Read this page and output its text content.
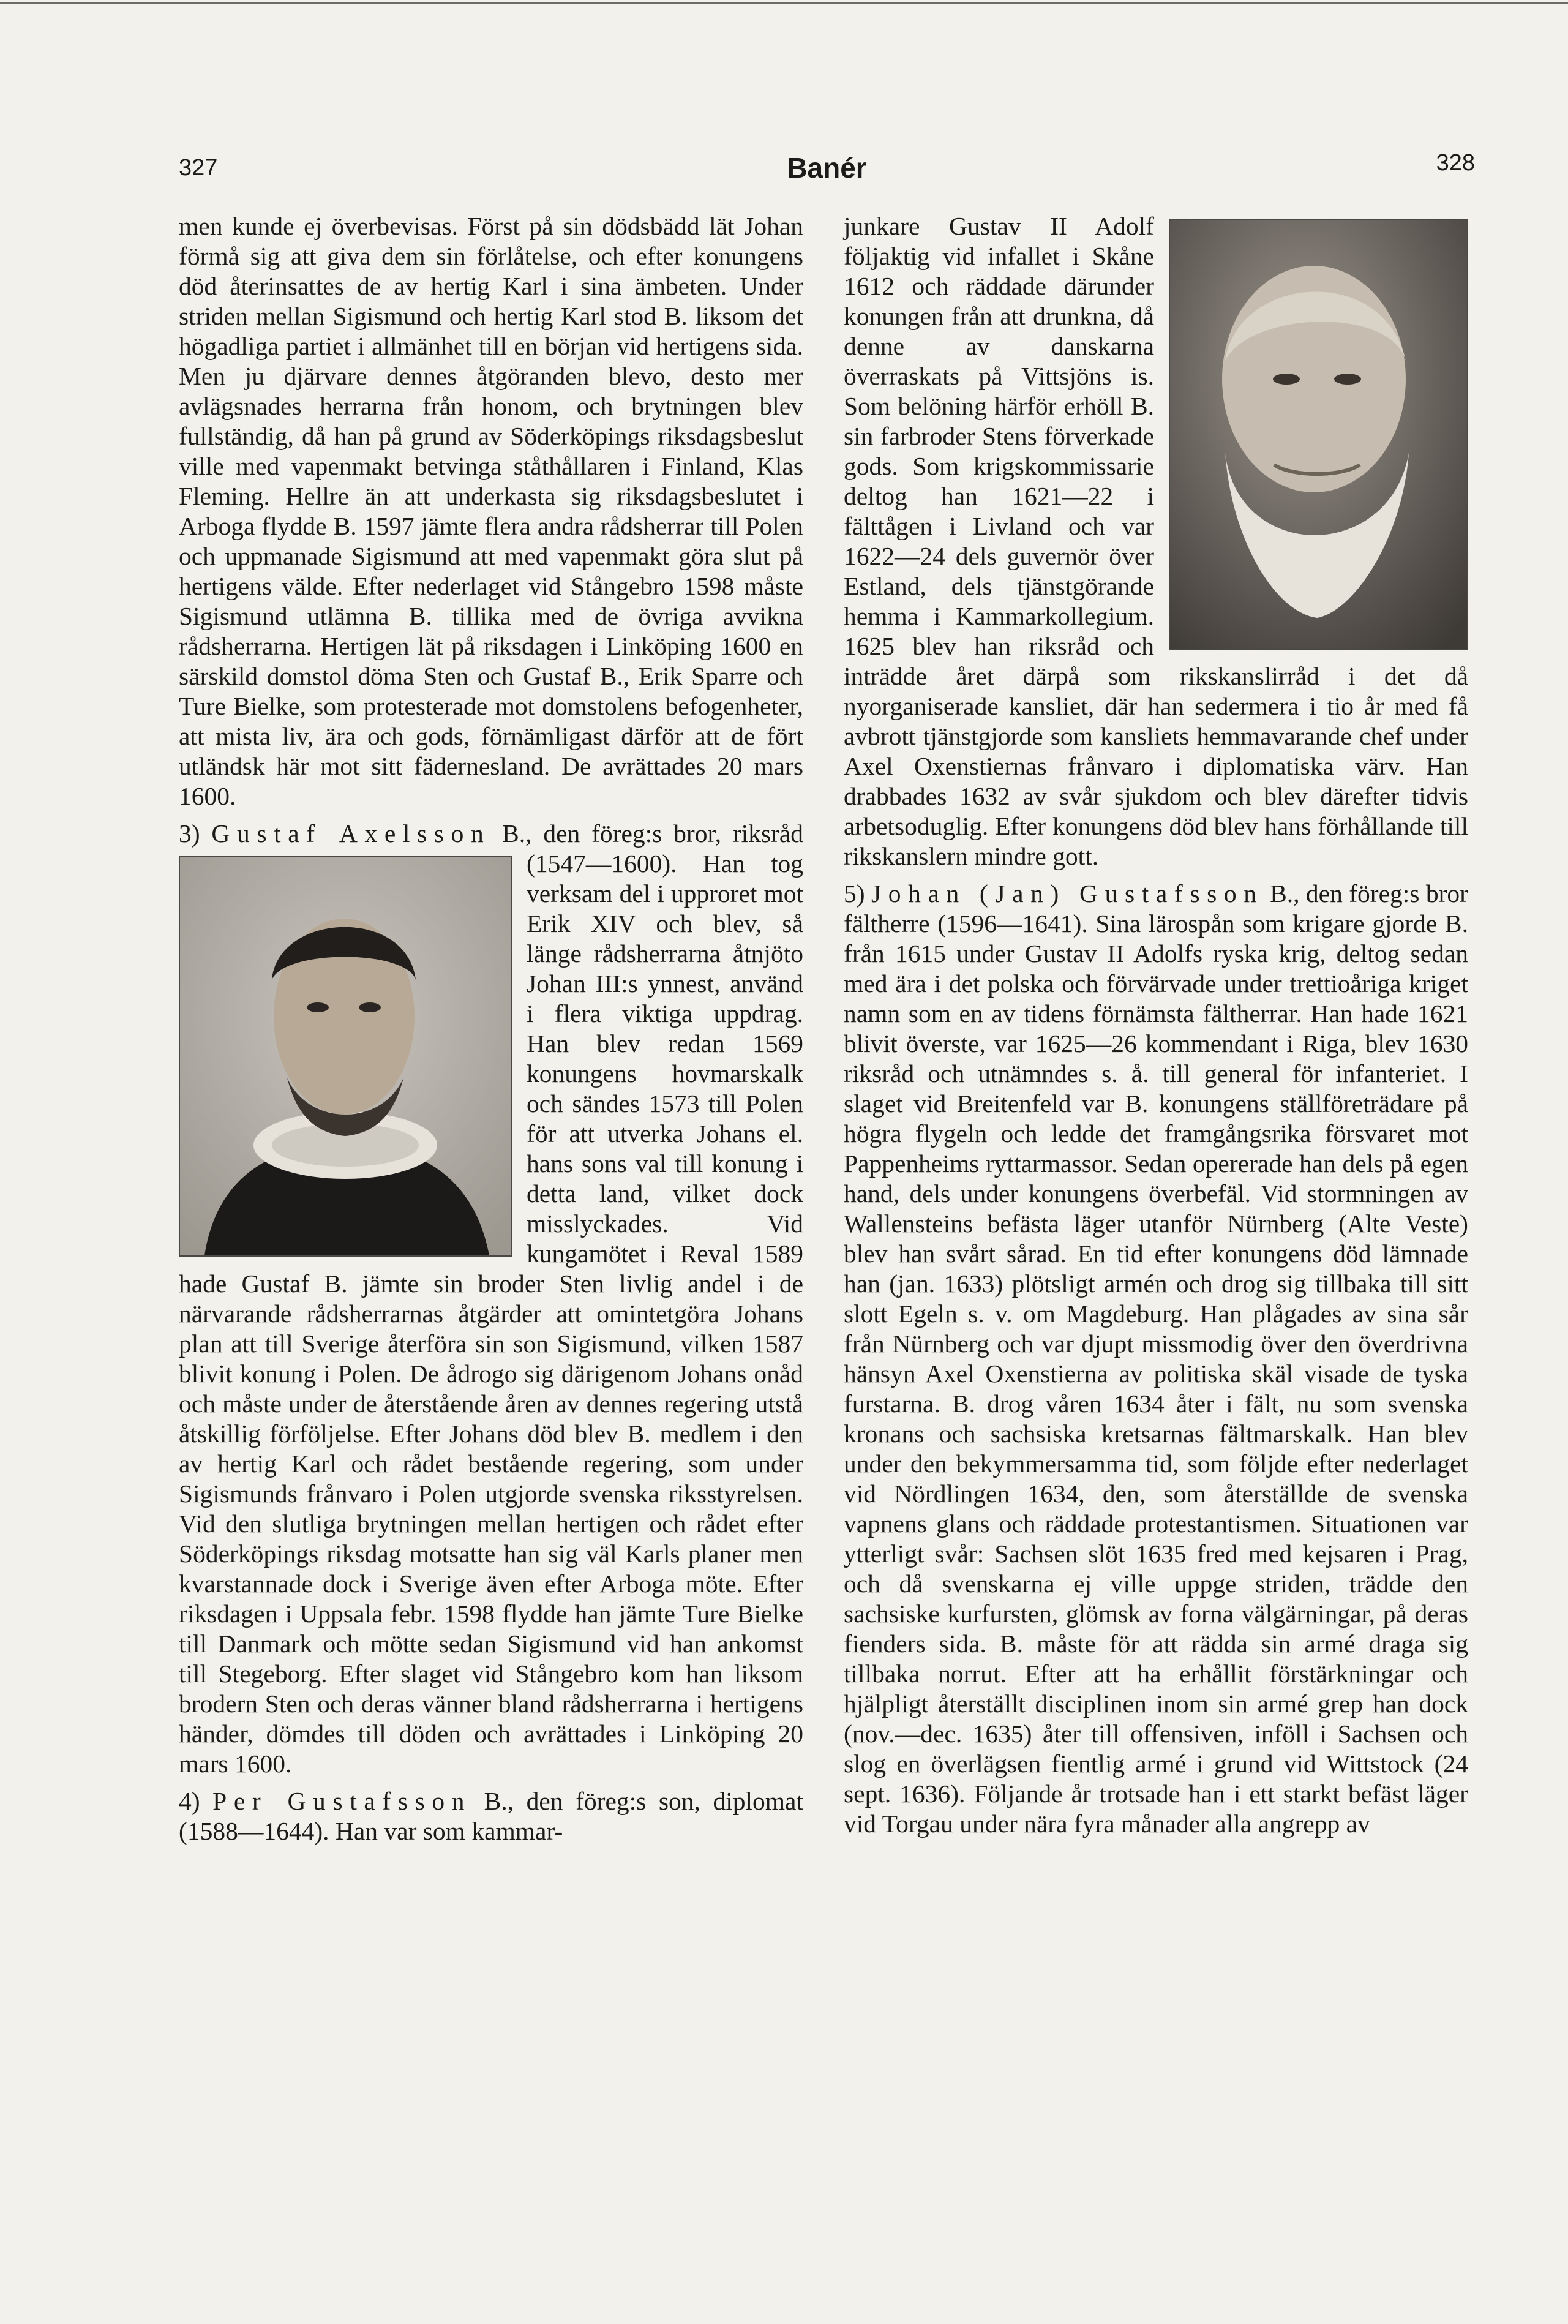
327	Banér	328

men kunde ej överbevisas. Först på sin dödsbädd lät Johan förmå sig att giva dem sin förlåtelse, och efter konungens död återinsattes de av hertig Karl i sina ämbeten. Under striden mellan Sigismund och hertig Karl stod B. liksom det högadliga partiet i allmänhet till en början vid hertigens sida. Men ju djärvare dennes åtgöranden blevo, desto mer avlägsnades herrarna från honom, och brytningen blev fullständig, då han på grund av Söderköpings riksdagsbeslut ville med vapenmakt betvinga ståthållaren i Finland, Klas Fleming. Hellre än att underkasta sig riksdagsbeslutet i Arboga flydde B. 1597 jämte flera andra rådsherrar till Polen och uppmanade Sigismund att med vapenmakt göra slut på hertigens välde. Efter nederlaget vid Stångebro 1598 måste Sigismund utlämna B. tillika med de övriga avvikna rådsherrarna. Hertigen lät på riksdagen i Linköping 1600 en särskild domstol döma Sten och Gustaf B., Erik Sparre och Ture Bielke, som protesterade mot domstolens befogenheter, att mista liv, ära och gods, förnämligast därför att de fört utländsk här mot sitt fädernesland. De avrättades 20 mars 1600.

3) Gustaf Axelsson B., den föreg:s bror, riksråd (1547—1600). Han tog verksam del i upproret mot Erik XIV och blev, så länge rådsherrarna åtnjöto Johan III:s ynnest, använd i flera viktiga uppdrag. Han blev redan 1569 konungens hovmarskalk och sändes 1573 till Polen för att utverka Johans el. hans sons val till konung i detta land, vilket dock misslyckades. Vid kungamötet i Reval 1589 hade Gustaf B. jämte sin broder Sten livlig andel i de närvarande rådsherrarnas åtgärder att omintetgöra Johans plan att till Sverige återföra sin son Sigismund, vilken 1587 blivit konung i Polen. De ådrogo sig därigenom Johans onåd och måste under de återstående åren av dennes regering utstå åtskillig förföljelse. Efter Johans död blev B. medlem i den av hertig Karl och rådet bestående regering, som under Sigismunds frånvaro i Polen utgjorde svenska riksstyrelsen. Vid den slutliga brytningen mellan hertigen och rådet efter Söderköpings riksdag motsatte han sig väl Karls planer men kvarstannade dock i Sverige även efter Arboga möte. Efter riksdagen i Uppsala febr. 1598 flydde han jämte Ture Bielke till Danmark och mötte sedan Sigismund vid han ankomst till Stegeborg. Efter slaget vid Stångebro kom han liksom brodern Sten och deras vänner bland rådsherrarna i hertigens händer, dömdes till döden och avrättades i Linköping 20 mars 1600.

4) Per Gustafsson B., den föreg:s son, diplomat (1588—1644). Han var som kammar-

junkare Gustav II Adolf följaktig vid infallet i Skåne 1612 och räddade därunder konungen från att drunkna, då denne av danskarna överraskats på Vittsjöns is. Som belöning härför erhöll B. sin farbroder Stens förverkade gods. Som krigskommissarie deltog han 1621—22 i fälttågen i Livland och var 1622—24 dels guvernör över Estland, dels tjänstgörande hemma i Kammarkollegium. 1625 blev han riksråd och inträdde året därpå som rikskanslirråd i det då nyorganiserade kansliet, där han sedermera i tio år med få avbrott tjänstgjorde som kansliets hemmavarande chef under Axel Oxenstiernas frånvaro i diplomatiska värv. Han drabbades 1632 av svår sjukdom och blev därefter tidvis arbetsoduglig. Efter konungens död blev hans förhållande till rikskanslern mindre gott.

5) Johan (Jan) Gustafsson B., den föreg:s bror fältherre (1596—1641). Sina lärospån som krigare gjorde B. från 1615 under Gustav II Adolfs ryska krig, deltog sedan med ära i det polska och förvärvade under trettioåriga kriget namn som en av tidens förnämsta fältherrar. Han hade 1621 blivit överste, var 1625—26 kommendant i Riga, blev 1630 riksråd och utnämndes s. å. till general för infanteriet. I slaget vid Breitenfeld var B. konungens ställföreträdare på högra flygeln och ledde det framgångsrika försvaret mot Pappenheims ryttarmassor. Sedan opererade han dels på egen hand, dels under konungens överbefäl. Vid stormningen av Wallensteins befästa läger utanför Nürnberg (Alte Veste) blev han svårt sårad. En tid efter konungens död lämnade han (jan. 1633) plötsligt armén och drog sig tillbaka till sitt slott Egeln s. v. om Magdeburg. Han plågades av sina sår från Nürnberg och var djupt missmodig över den överdrivna hänsyn Axel Oxenstierna av politiska skäl visade de tyska furstarna. B. drog våren 1634 åter i fält, nu som svenska kronans och sachsiska kretsarnas fältmarskalk. Han blev under den bekymmersamma tid, som följde efter nederlaget vid Nördlingen 1634, den, som återställde de svenska vapnens glans och räddade protestantismen. Situationen var ytterligt svår: Sachsen slöt 1635 fred med kejsaren i Prag, och då svenskarna ej ville uppge striden, trädde den sachsiske kurfursten, glömsk av forna välgärningar, på deras fienders sida. B. måste för att rädda sin armé draga sig tillbaka norrut. Efter att ha erhållit förstärkningar och hjälpligt återställt disciplinen inom sin armé grep han dock (nov.—dec. 1635) åter till offensiven, inföll i Sachsen och slog en överlägsen fientlig armé i grund vid Wittstock (24 sept. 1636). Följande år trotsade han i ett starkt befäst läger vid Torgau under nära fyra månader alla angrepp av
